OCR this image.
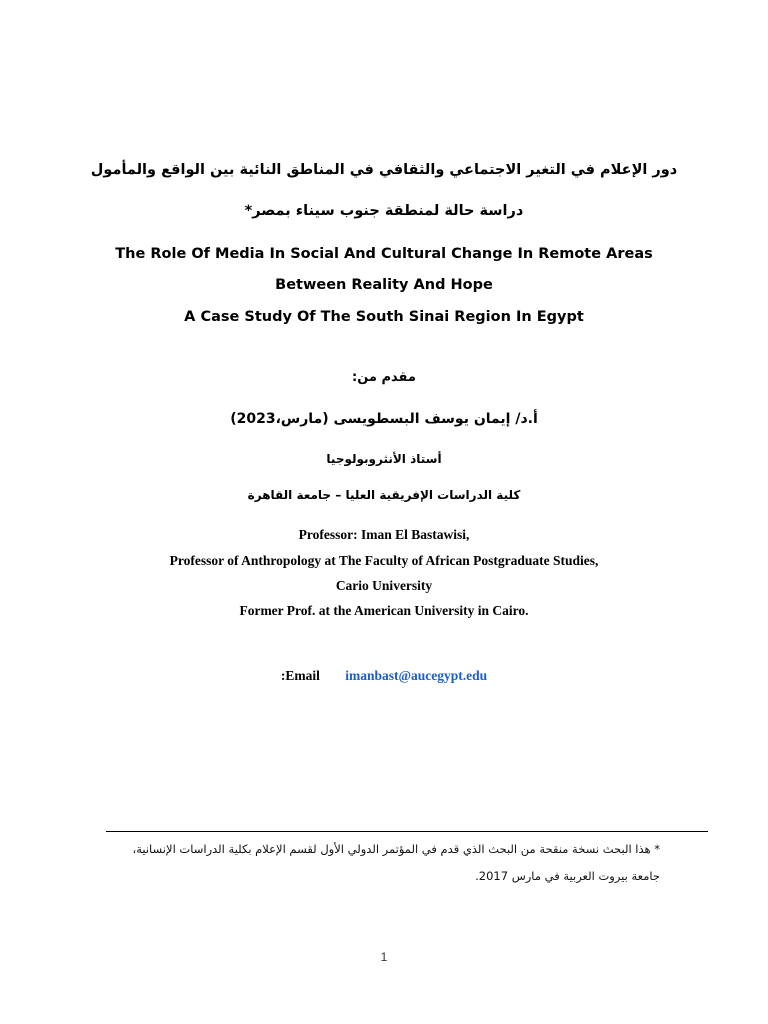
دور الإعلام في التغير الاجتماعي والثقافي في المناطق النائية بين الواقع والمأمول
دراسة حالة لمنطقة جنوب سيناء بمصر*
The Role Of Media In Social And Cultural Change In Remote Areas
Between Reality And Hope
A Case Study Of The South Sinai Region In Egypt
مقدم من:
أ.د/ إيمان يوسف البسطويسى (مارس،2023)
أستاذ الأنثروبولوجيا
كلية الدراسات الإفريقية العليا – جامعة القاهرة
Professor: Iman El Bastawisi,
Professor of Anthropology at The Faculty of African Postgraduate Studies,
Cario University
Former Prof. at the American University in Cairo.
:Email imanbast@aucegypt.edu
* هذا البحث نسخة منقحة من البحث الذي قدم في المؤتمر الدولي الأول لقسم الإعلام بكلية الدراسات الإنسانية،
جامعة بيروت العربية في مارس 2017.
1
